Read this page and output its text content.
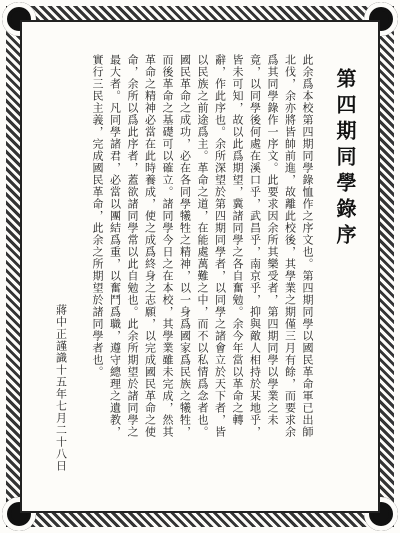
第四期同學錄序
此余爲本校第四期同學錄恤作之序文也。第四期同學以國民革命軍已出師北伐，余亦將皆帥前進，故離此校後，其學業之期僅三月有餘，而要求余爲其同學錄作一序文。此要求因余所其樂受者，第四期同學以學業之未竟，以同學後何處在溪口乎，武昌乎，南京乎，抑與敵人相持於某地乎，皆未可知，故以此爲期望，冀諸同學之各自奮勉。余今年當以革命之轉辭，作此序也。余所深望於第四期同學者，以同學之諸會立於天下者，皆以民族之前途爲主。革命之道，在能處萬難之中，而不以私情爲念者也。國民革命之成功，必在各同學犧牲之精神，以一身爲國家爲民族之犧牲，而後革命之基礎可以確立。諸同學今日之在本校，其學業雖未完成，然其革命之精神必當在此時養成，使之成爲終身之志願，以完成國民革命之使命，余所以爲此序者，蓋欲諸同學常以此自勉也。此余所期望於諸同學之最大者。凡同學諸君，必當以團結爲重，以奮鬥爲職，遵守總理之遺教，實行三民主義，完成國民革命，此余之所期望於諸同學者也。
蔣中正謹識十五年七月二十八日
